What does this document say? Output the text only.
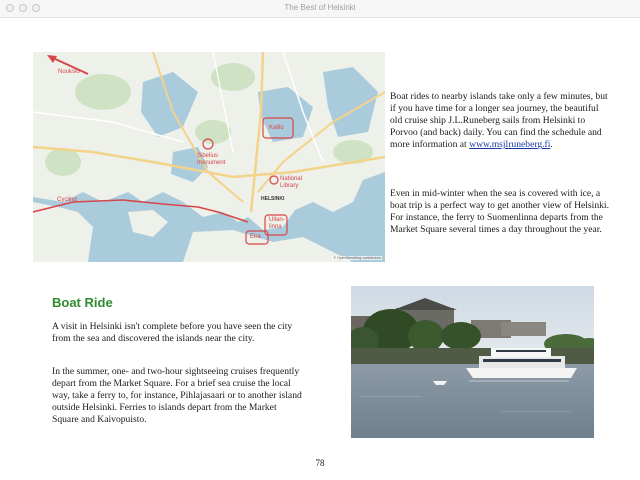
The Best of Helsinki
Nuuksio
Kallio
Sibelius monument
National Library
Cycling	HELSINKI
Ullan-linna
Eira
© OpenStreetMap contributors

Boat rides to nearby islands take only a few minutes, but if you have time for a longer sea journey, the beautiful old cruise ship J.L.Runeberg sails from Helsinki to Porvoo (and back) daily. You can find the schedule and more information at www.msjlruneberg.fi.

Even in mid-winter when the sea is covered with ice, a boat trip is a perfect way to get another view of Helsinki. For instance, the ferry to Suomenlinna departs from the Market Square several times a day throughout the year.

Boat Ride

A visit in Helsinki isn't complete before you have seen the city from the sea and discovered the islands near the city.

In the summer, one- and two-hour sightseeing cruises frequently depart from the Market Square. For a brief sea cruise the local way, take a ferry to, for instance, Pihlajasaari or to another island outside Helsinki. Ferries to islands depart from the Market Square and Kaivopuisto.

78
